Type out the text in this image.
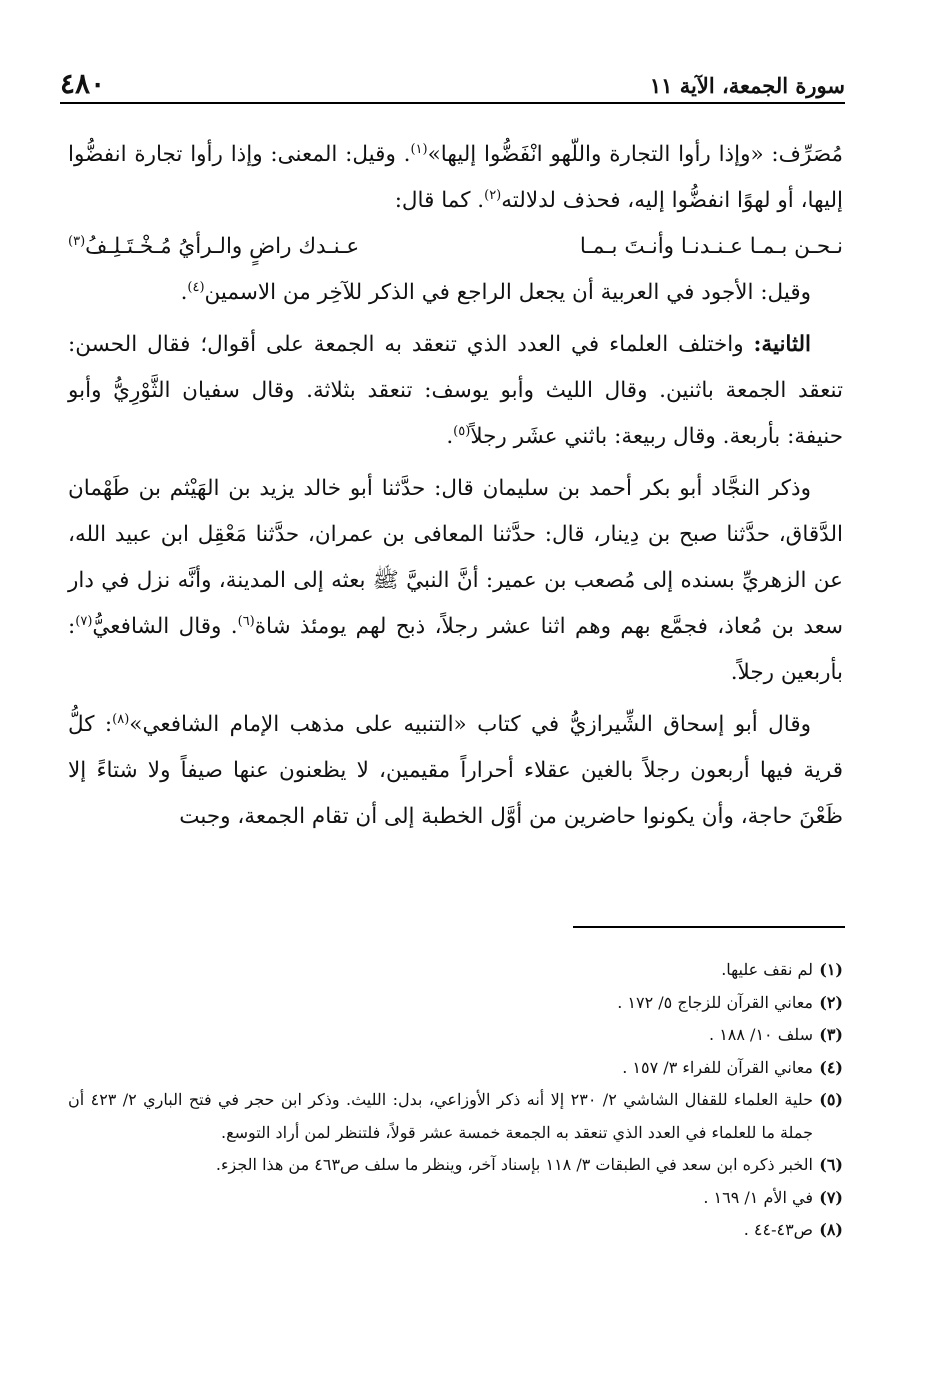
سورة الجمعة، الآية ١١
٤٨٠

مُصَرِّف: «وإذا رأوا التجارة واللّهو انْفَضُّوا إليها»$^{(١)}$. وقيل: المعنى: وإذا رأوا تجارة انفضُّوا إليها، أو لهوًا انفضُّوا إليه، فحذف لدلالته$^{(٢)}$. كما قال:

نـحـن بـمـا عـنـدنـا وأنـتَ بـمـا
عـنـدك راضٍ والـرأيُ مُـخْـتَـلِـفُ$^{(٣)}$

وقيل: الأجود في العربية أن يجعل الراجع في الذكر للآخِر من الاسمين$^{(٤)}$.

الثانية: واختلف العلماء في العدد الذي تنعقد به الجمعة على أقوال؛ فقال الحسن: تنعقد الجمعة باثنين. وقال الليث وأبو يوسف: تنعقد بثلاثة. وقال سفيان الثَّوْرِيُّ وأبو حنيفة: بأربعة. وقال ربيعة: باثني عشَر رجلاً$^{(٥)}$.

وذكر النجَّاد أبو بكر أحمد بن سليمان قال: حدَّثنا أبو خالد يزيد بن الهَيْثم بن طَهْمان الدَّقاق، حدَّثنا صبح بن دِينار، قال: حدَّثنا المعافى بن عمران، حدَّثنا مَعْقِل ابن عبيد الله، عن الزهريِّ بسنده إلى مُصعب بن عمير: أنَّ النبيَّ ﷺ بعثه إلى المدينة، وأنَّه نزل في دار سعد بن مُعاذ، فجمَّع بهم وهم اثنا عشر رجلاً، ذبح لهم يومئذ شاة$^{(٦)}$. وقال الشافعيُّ$^{(٧)}$: بأربعين رجلاً.

وقال أبو إسحاق الشِّيرازيُّ في كتاب «التنبيه على مذهب الإمام الشافعي»$^{(٨)}$: كلُّ قرية فيها أربعون رجلاً بالغين عقلاء أحراراً مقيمين، لا يظعنون عنها صيفاً ولا شتاءً إلا ظَعْنَ حاجة، وأن يكونوا حاضرين من أوَّل الخطبة إلى أن تقام الجمعة، وجبت

(١)
لم نقف عليها.
(٢)
معاني القرآن للزجاج ٥/ ١٧٢ .
(٣)
سلف ١٠/ ١٨٨ .
(٤)
معاني القرآن للفراء ٣/ ١٥٧ .
(٥)
حلية العلماء للقفال الشاشي ٢/ ٢٣٠ إلا أنه ذكر الأوزاعي، بدل: الليث. وذكر ابن حجر في فتح الباري ٢/ ٤٢٣ أن جملة ما للعلماء في العدد الذي تنعقد به الجمعة خمسة عشر قولاً، فلتنظر لمن أراد التوسع.
(٦)
الخبر ذكره ابن سعد في الطبقات ٣/ ١١٨ بإسناد آخر، وينظر ما سلف ص٤٦٣ من هذا الجزء.
(٧)
في الأم ١/ ١٦٩ .
(٨)
ص٤٣-٤٤ .
